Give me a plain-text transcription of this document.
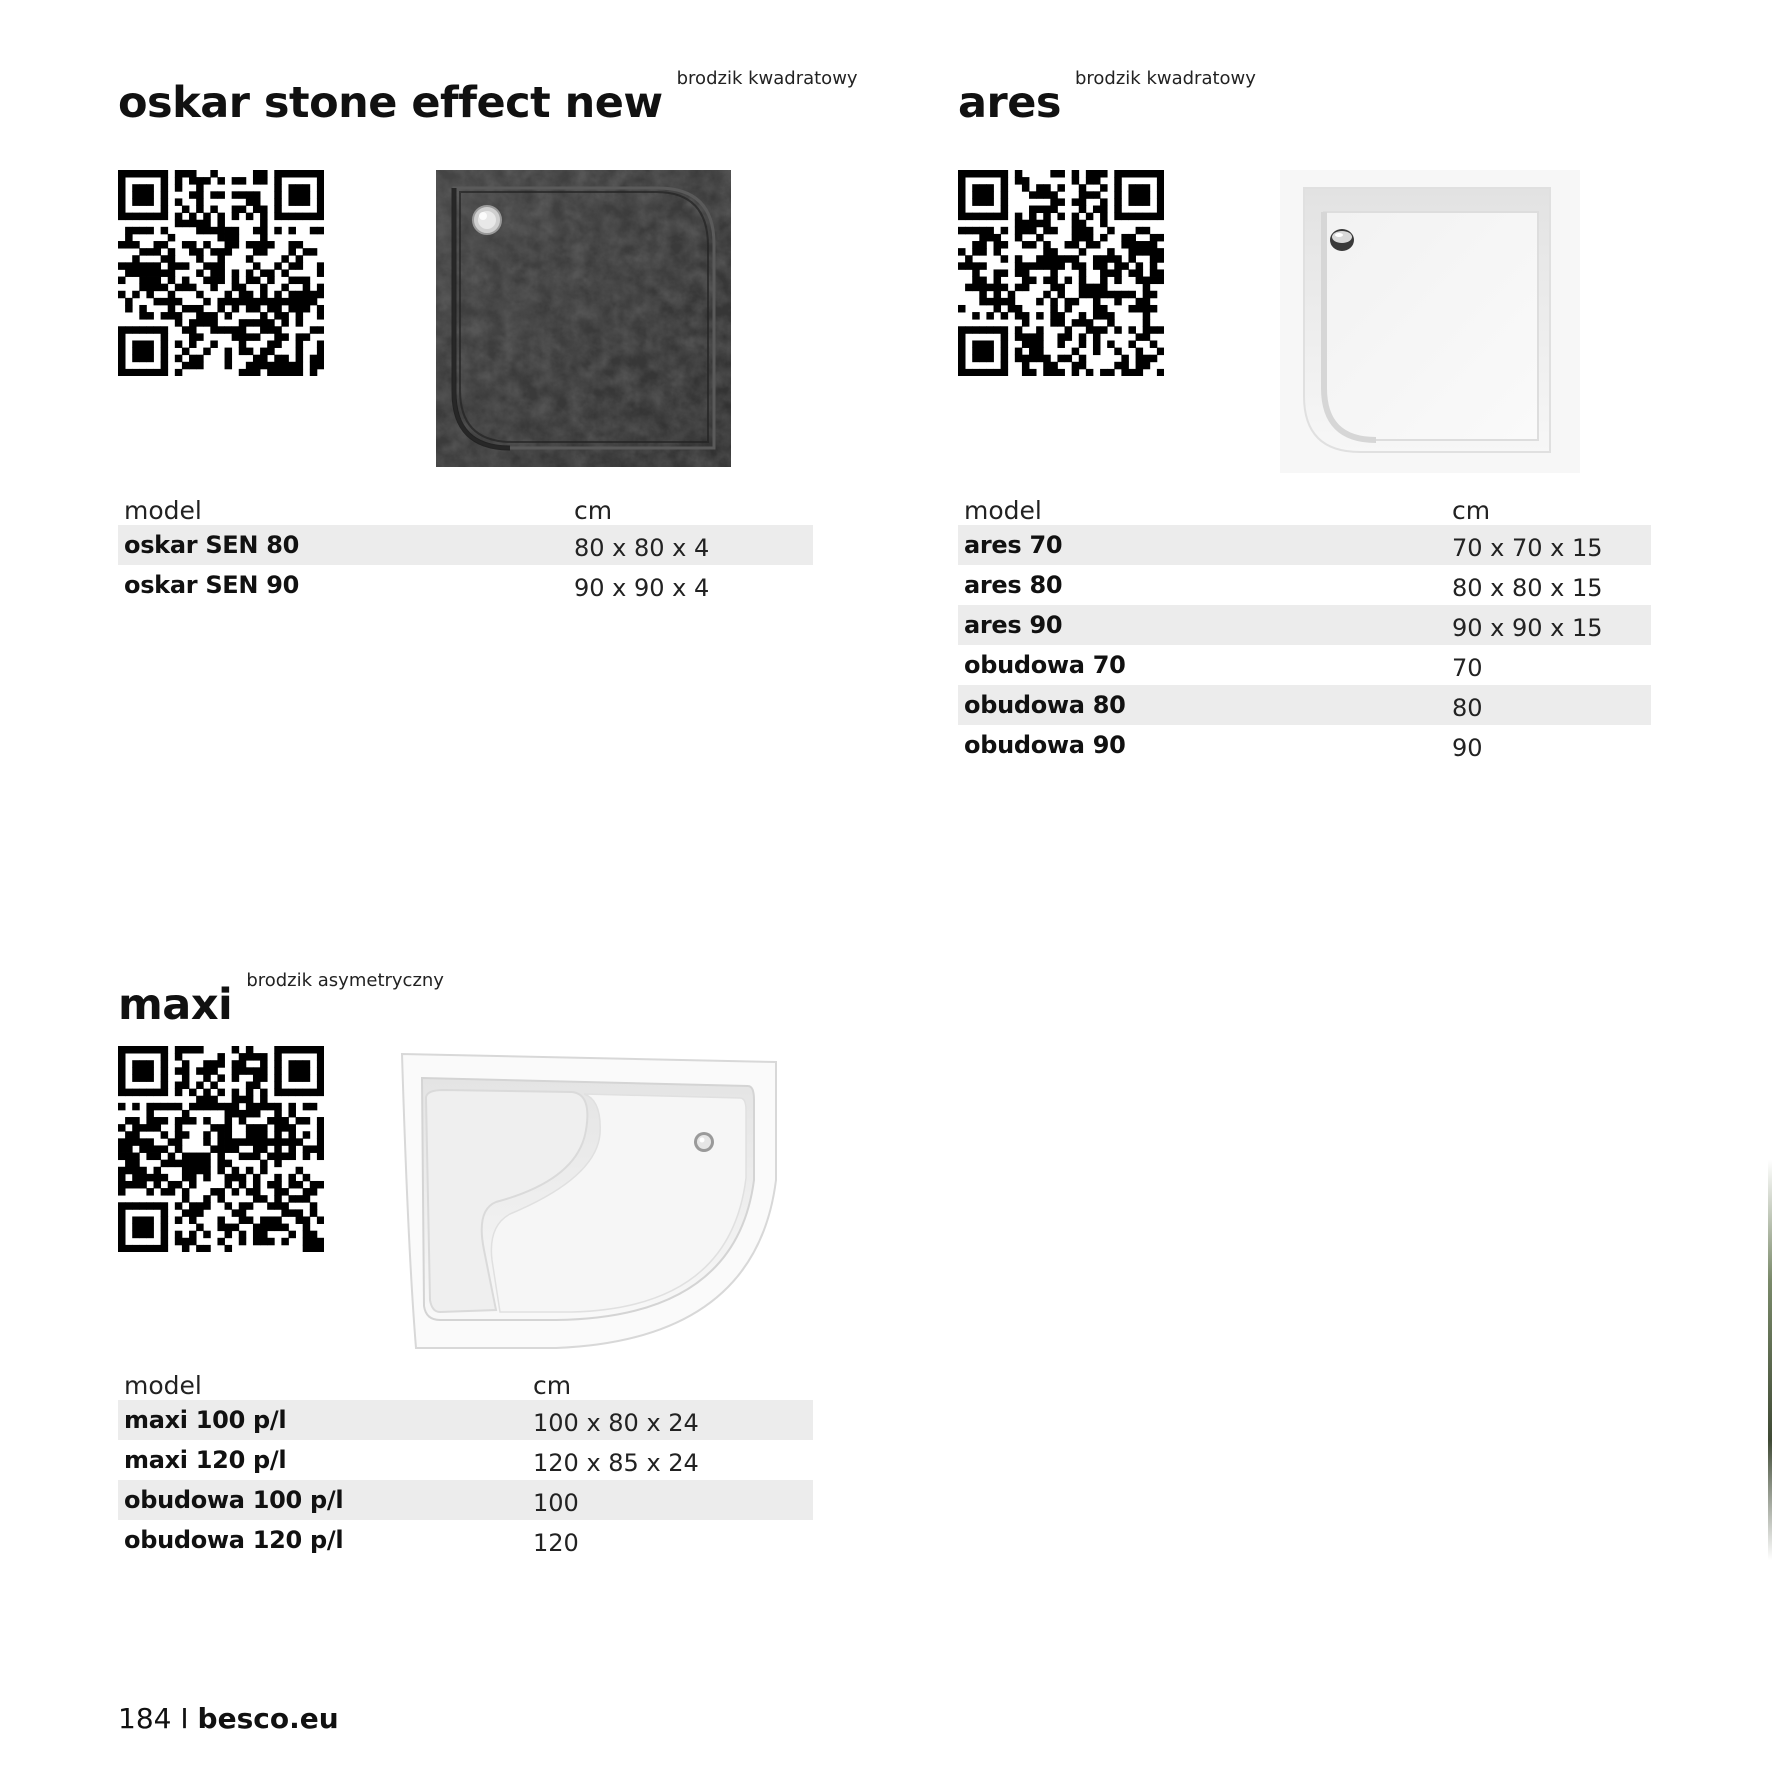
oskar stone effect new brodzik kwadratowy
model	cm
oskar SEN 80	80 x 80 x 4
oskar SEN 90	90 x 90 x 4
ares brodzik kwadratowy
model	cm
ares 70	70 x 70 x 15
ares 80	80 x 80 x 15
ares 90	90 x 90 x 15
obudowa 70	70
obudowa 80	80
obudowa 90	90
maxi brodzik asymetryczny
model	cm
maxi 100 p/l	100 x 80 x 24
maxi 120 p/l	120 x 85 x 24
obudowa 100 p/l	100
obudowa 120 p/l	120
184 I besco.eu
